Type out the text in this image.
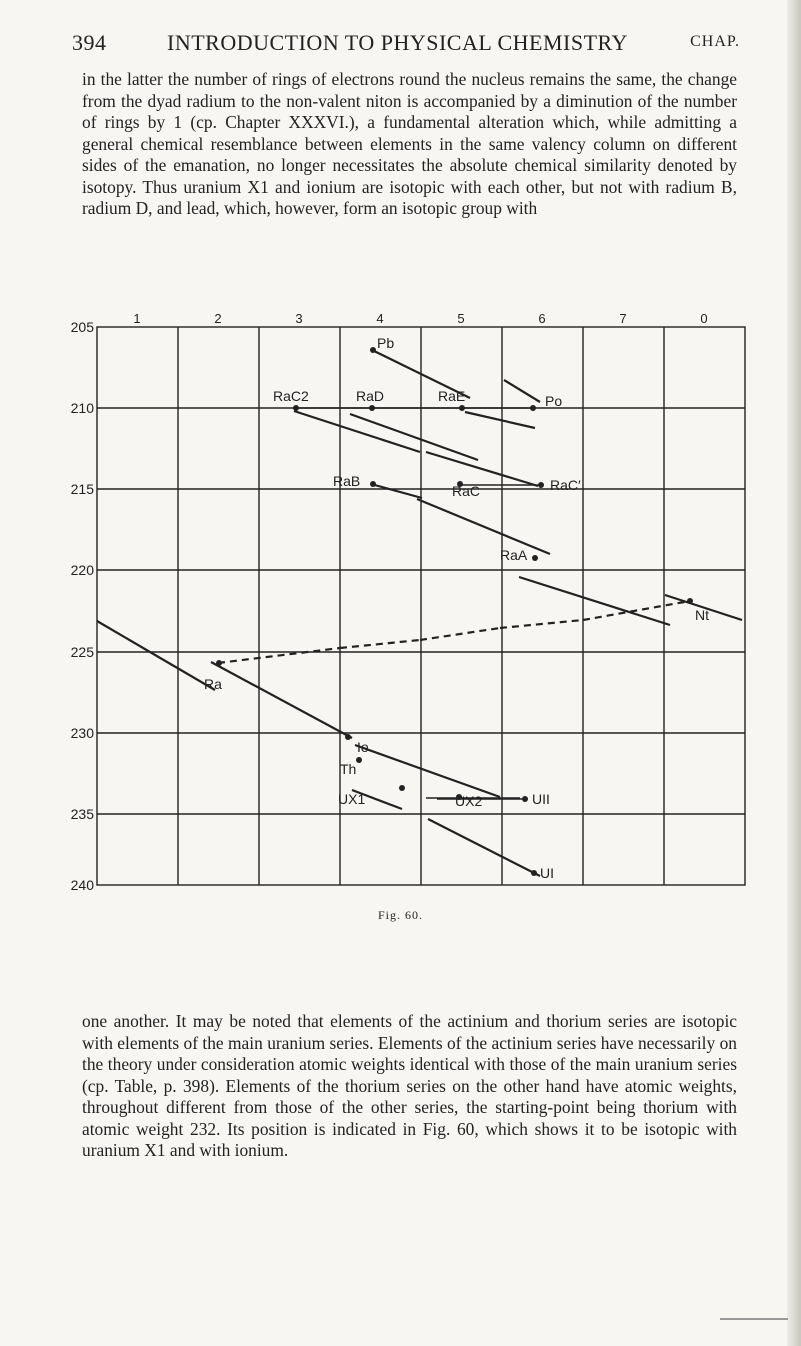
394	INTRODUCTION TO PHYSICAL CHEMISTRY	CHAP.
in the latter the number of rings of electrons round the nucleus remains the same, the change from the dyad radium to the non-valent niton is accompanied by a diminution of the number of rings by 1 (cp. Chapter XXXVI.), a fundamental alteration which, while admitting a general chemical resemblance between elements in the same valency column on different sides of the emanation, no longer necessitates the absolute chemical similarity denoted by isotopy. Thus uranium X1 and ionium are isotopic with each other, but not with radium B, radium D, and lead, which, however, form an isotopic group with
1	2	3	4	5	6	7	0
205
210
215
220
225
230
235
240
Pb
RaC2	RaD	RaE	Po
RaB
RaC	RaC′
RaA
Nt
Ra
Io
Th
UX1	UX2	UII
UI
Fig. 60.
one another. It may be noted that elements of the actinium and thorium series are isotopic with elements of the main uranium series. Elements of the actinium series have necessarily on the theory under consideration atomic weights identical with those of the main uranium series (cp. Table, p. 398). Elements of the thorium series on the other hand have atomic weights, throughout different from those of the other series, the starting-point being thorium with atomic weight 232. Its position is indicated in Fig. 60, which shows it to be isotopic with uranium X1 and with ionium.
